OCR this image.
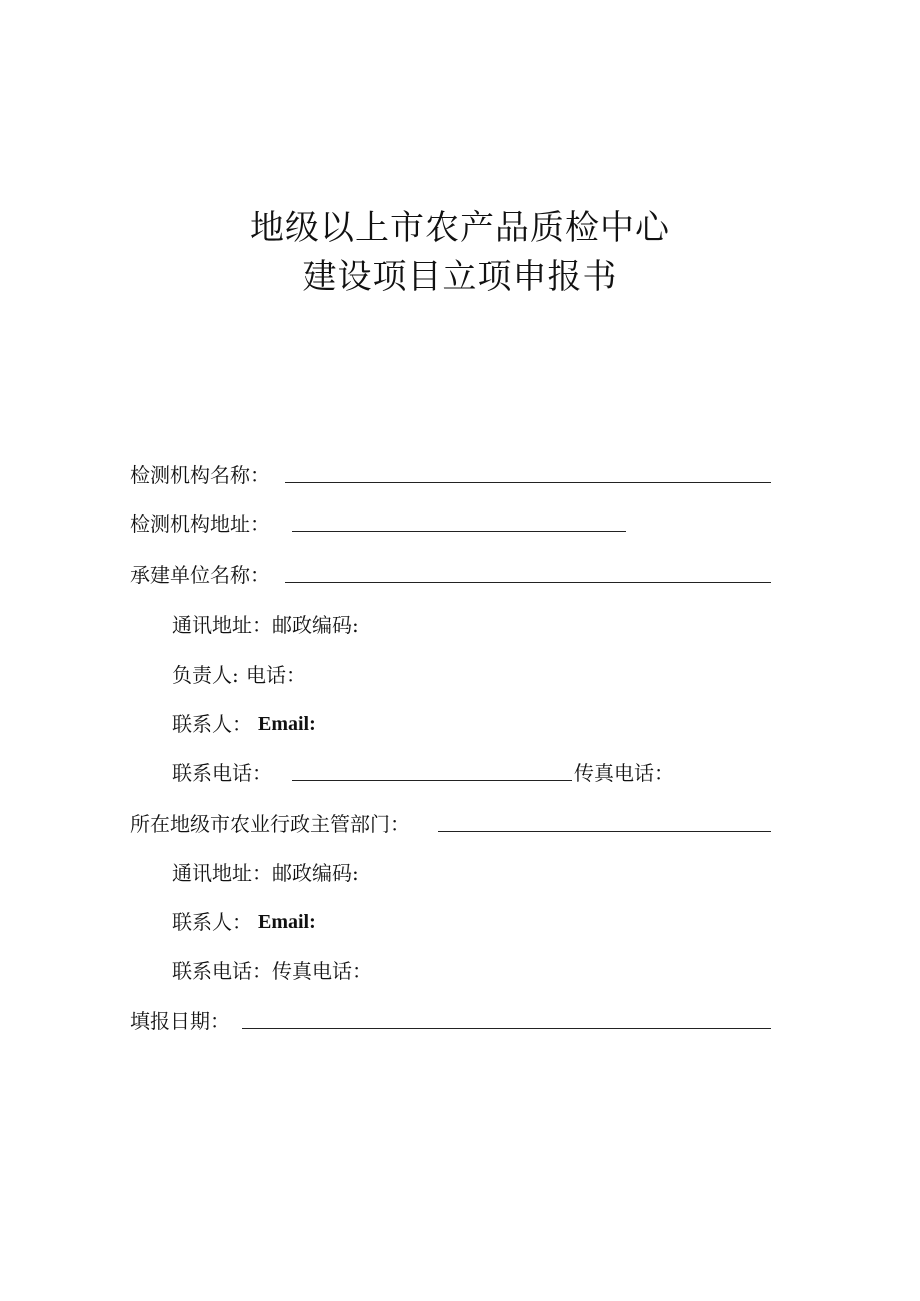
地级以上市农产品质检中心
建设项目立项申报书
检测机构名称：
检测机构地址：
承建单位名称：
通讯地址： 邮政编码:
负责人: 电话：
联系人： Email:
联系电话：	传真电话：
所在地级市农业行政主管部门：
通讯地址： 邮政编码:
联系人： Email:
联系电话： 传真电话：
填报日期：
